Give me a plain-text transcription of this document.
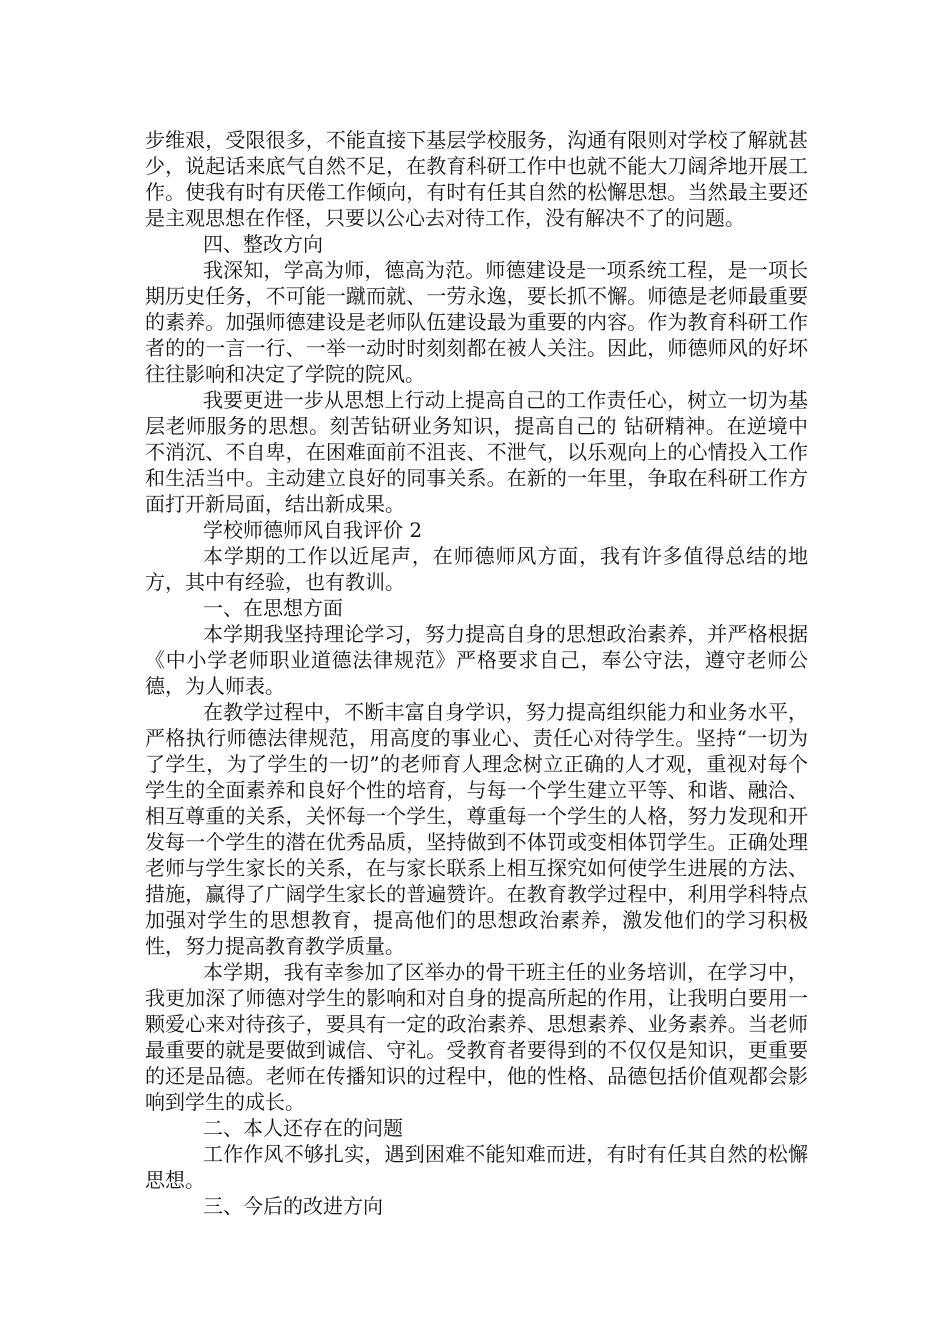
步维艰，受限很多，不能直接下基层学校服务，沟通有限则对学校了解就甚少，说起话来底气自然不足，在教育科研工作中也就不能大刀阔斧地开展工作。使我有时有厌倦工作倾向，有时有任其自然的松懈思想。当然最主要还是主观思想在作怪，只要以公心去对待工作，没有解决不了的问题。

四、整改方向

我深知，学高为师，德高为范。师德建设是一项系统工程，是一项长期历史任务，不可能一蹴而就、一劳永逸，要长抓不懈。师德是老师最重要的素养。加强师德建设是老师队伍建设最为重要的内容。作为教育科研工作者的的一言一行、一举一动时时刻刻都在被人关注。因此，师德师风的好坏往往影响和决定了学院的院风。

我要更进一步从思想上行动上提高自己的工作责任心，树立一切为基层老师服务的思想。刻苦钻研业务知识，提高自己的 钻研精神。在逆境中不消沉、不自卑，在困难面前不沮丧、不泄气，以乐观向上的心情投入工作和生活当中。主动建立良好的同事关系。在新的一年里，争取在科研工作方面打开新局面，结出新成果。

学校师德师风自我评价 2

本学期的工作以近尾声，在师德师风方面，我有许多值得总结的地方，其中有经验，也有教训。

一、在思想方面

本学期我坚持理论学习，努力提高自身的思想政治素养，并严格根据《中小学老师职业道德法律规范》严格要求自己，奉公守法，遵守老师公德，为人师表。

在教学过程中，不断丰富自身学识，努力提高组织能力和业务水平，严格执行师德法律规范，用高度的事业心、责任心对待学生。坚持“一切为了学生，为了学生的一切”的老师育人理念树立正确的人才观，重视对每个学生的全面素养和良好个性的培育，与每一个学生建立平等、和谐、融洽、相互尊重的关系，关怀每一个学生，尊重每一个学生的人格，努力发现和开发每一个学生的潜在优秀品质，坚持做到不体罚或变相体罚学生。正确处理老师与学生家长的关系，在与家长联系上相互探究如何使学生进展的方法、措施，赢得了广阔学生家长的普遍赞许。在教育教学过程中，利用学科特点加强对学生的思想教育，提高他们的思想政治素养，激发他们的学习积极性，努力提高教育教学质量。

本学期，我有幸参加了区举办的骨干班主任的业务培训，在学习中，我更加深了师德对学生的影响和对自身的提高所起的作用，让我明白要用一颗爱心来对待孩子，要具有一定的政治素养、思想素养、业务素养。当老师最重要的就是要做到诚信、守礼。受教育者要得到的不仅仅是知识，更重要的还是品德。老师在传播知识的过程中，他的性格、品德包括价值观都会影响到学生的成长。

二、本人还存在的问题

工作作风不够扎实，遇到困难不能知难而进，有时有任其自然的松懈思想。

三、今后的改进方向
